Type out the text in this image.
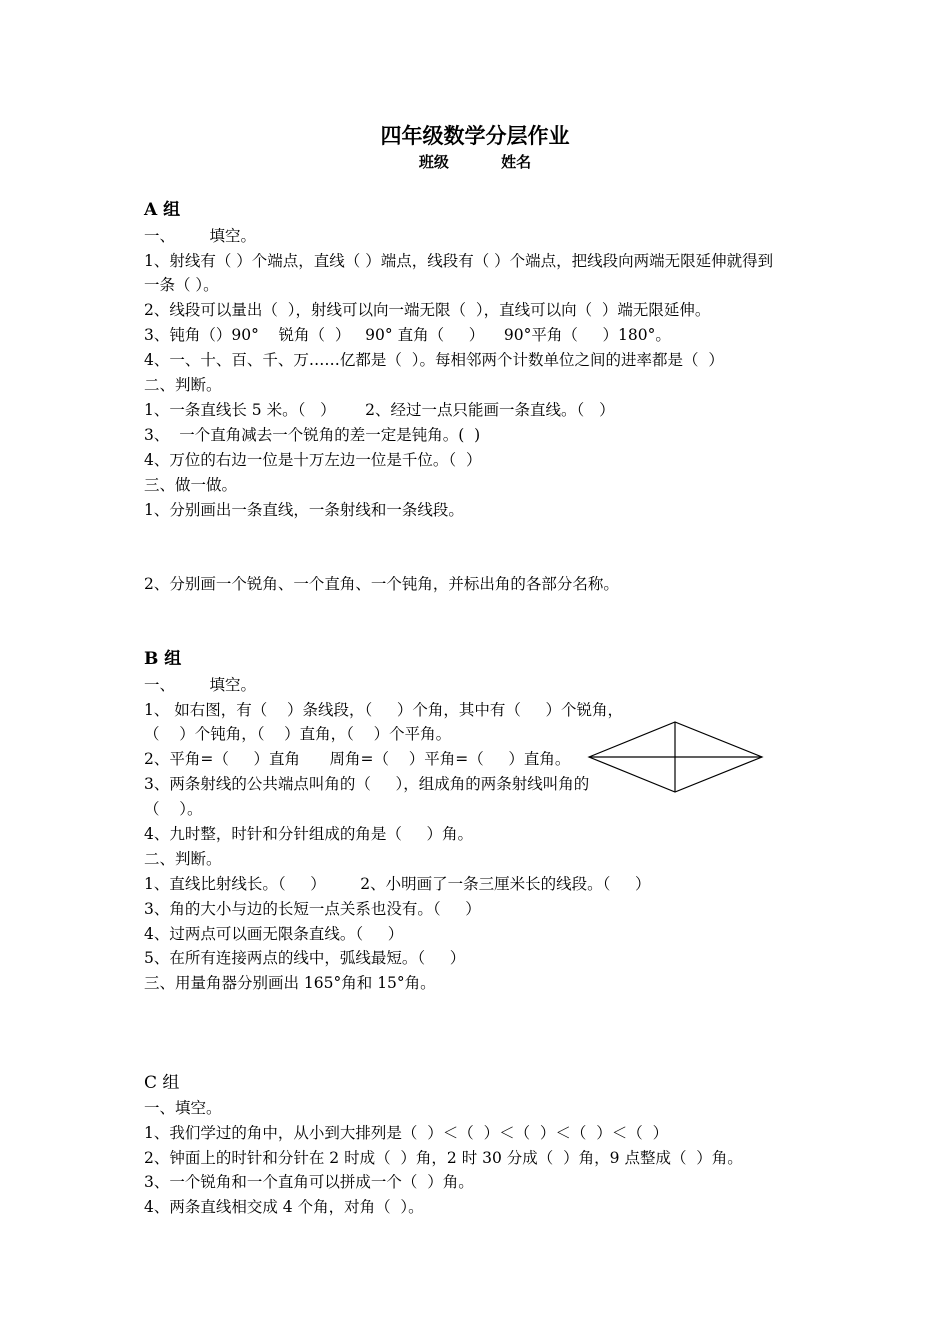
四年级数学分层作业
班级          姓名
A 组
一、       填空。
1、射线有（ ）个端点，直线（ ）端点，线段有（ ）个端点，把线段向两端无限延伸就得到
一条（ ）。
2、线段可以量出（  ），射线可以向一端无限（  ），直线可以向（  ）端无限延伸。
3、钝角（）90°    锐角（  ）   90° 直角（     ）    90°平角（     ）180°。
4、一、十、百、千、万……亿都是（  ）。每相邻两个计数单位之间的进率都是（  ）
二、判断。
1、一条直线长 5 米。（   ）      2、经过一点只能画一条直线。（   ）
3、  一个直角减去一个锐角的差一定是钝角。(  )
4、万位的右边一位是十万左边一位是千位。（  ）
三、做一做。
1、分别画出一条直线，一条射线和一条线段。
2、分别画一个锐角、一个直角、一个钝角，并标出角的各部分名称。
B 组
一、       填空。
1、 如右图，有（    ）条线段，（     ）个角，其中有（     ）个锐角，
（    ）个钝角，（    ）直角，（    ）个平角。
2、平角=（     ）直角      周角=（    ）平角=（     ）直角。
3、两条射线的公共端点叫角的（     ），组成角的两条射线叫角的
（    ）。
4、九时整，时针和分针组成的角是（     ）角。
二、判断。
1、直线比射线长。（     ）       2、小明画了一条三厘米长的线段。（     ）
3、角的大小与边的长短一点关系也没有。（     ）
4、过两点可以画无限条直线。（     ）
5、在所有连接两点的线中，弧线最短。（     ）
三、用量角器分别画出 165°角和 15°角。
C 组
一、填空。
1、我们学过的角中，从小到大排列是（  ）＜（  ）＜（  ）＜（  ）＜（  ）
2、钟面上的时针和分针在 2 时成（  ）角，2 时 30 分成（  ）角，9 点整成（  ）角。
3、一个锐角和一个直角可以拼成一个（  ）角。
4、两条直线相交成 4 个角，对角（  ）。
